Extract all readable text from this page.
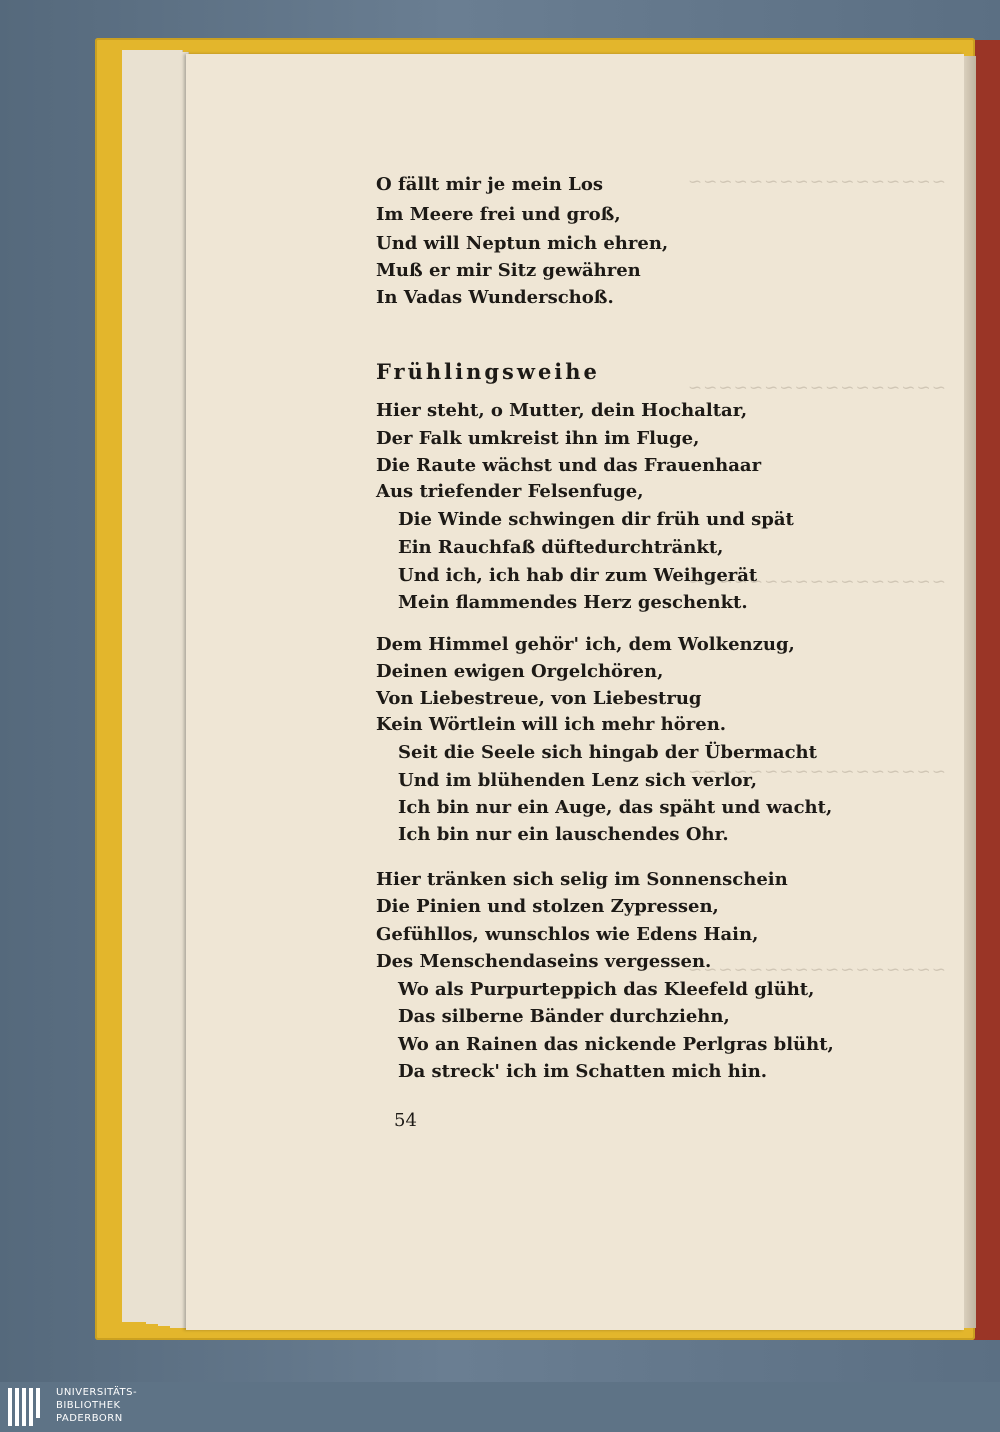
~~~~~~~~~~~~~~~~~
~~~~~~~~~~~~~~~~~
~~~~~~~~~~~~~~~~~
~~~~~~~~~~~~~~~~~
~~~~~~~~~~~~~~~~~
O fällt mir je mein Los
Im Meere frei und groß,
Und will Neptun mich ehren,
Muß er mir Sitz gewähren
In Vadas Wunderschoß.
Frühlingsweihe
Hier steht, o Mutter, dein Hochaltar,
Der Falk umkreist ihn im Fluge,
Die Raute wächst und das Frauenhaar
Aus triefender Felsenfuge,
Die Winde schwingen dir früh und spät
Ein Rauchfaß düftedurchtränkt,
Und ich, ich hab dir zum Weihgerät
Mein flammendes Herz geschenkt.
Dem Himmel gehör' ich, dem Wolkenzug,
Deinen ewigen Orgelchören,
Von Liebestreue, von Liebestrug
Kein Wörtlein will ich mehr hören.
Seit die Seele sich hingab der Übermacht
Und im blühenden Lenz sich verlor,
Ich bin nur ein Auge, das späht und wacht,
Ich bin nur ein lauschendes Ohr.
Hier tränken sich selig im Sonnenschein
Die Pinien und stolzen Zypressen,
Gefühllos, wunschlos wie Edens Hain,
Des Menschendaseins vergessen.
Wo als Purpurteppich das Kleefeld glüht,
Das silberne Bänder durchziehn,
Wo an Rainen das nickende Perlgras blüht,
Da streck' ich im Schatten mich hin.
54
UNIVERSITÄTS-
BIBLIOTHEK
PADERBORN
